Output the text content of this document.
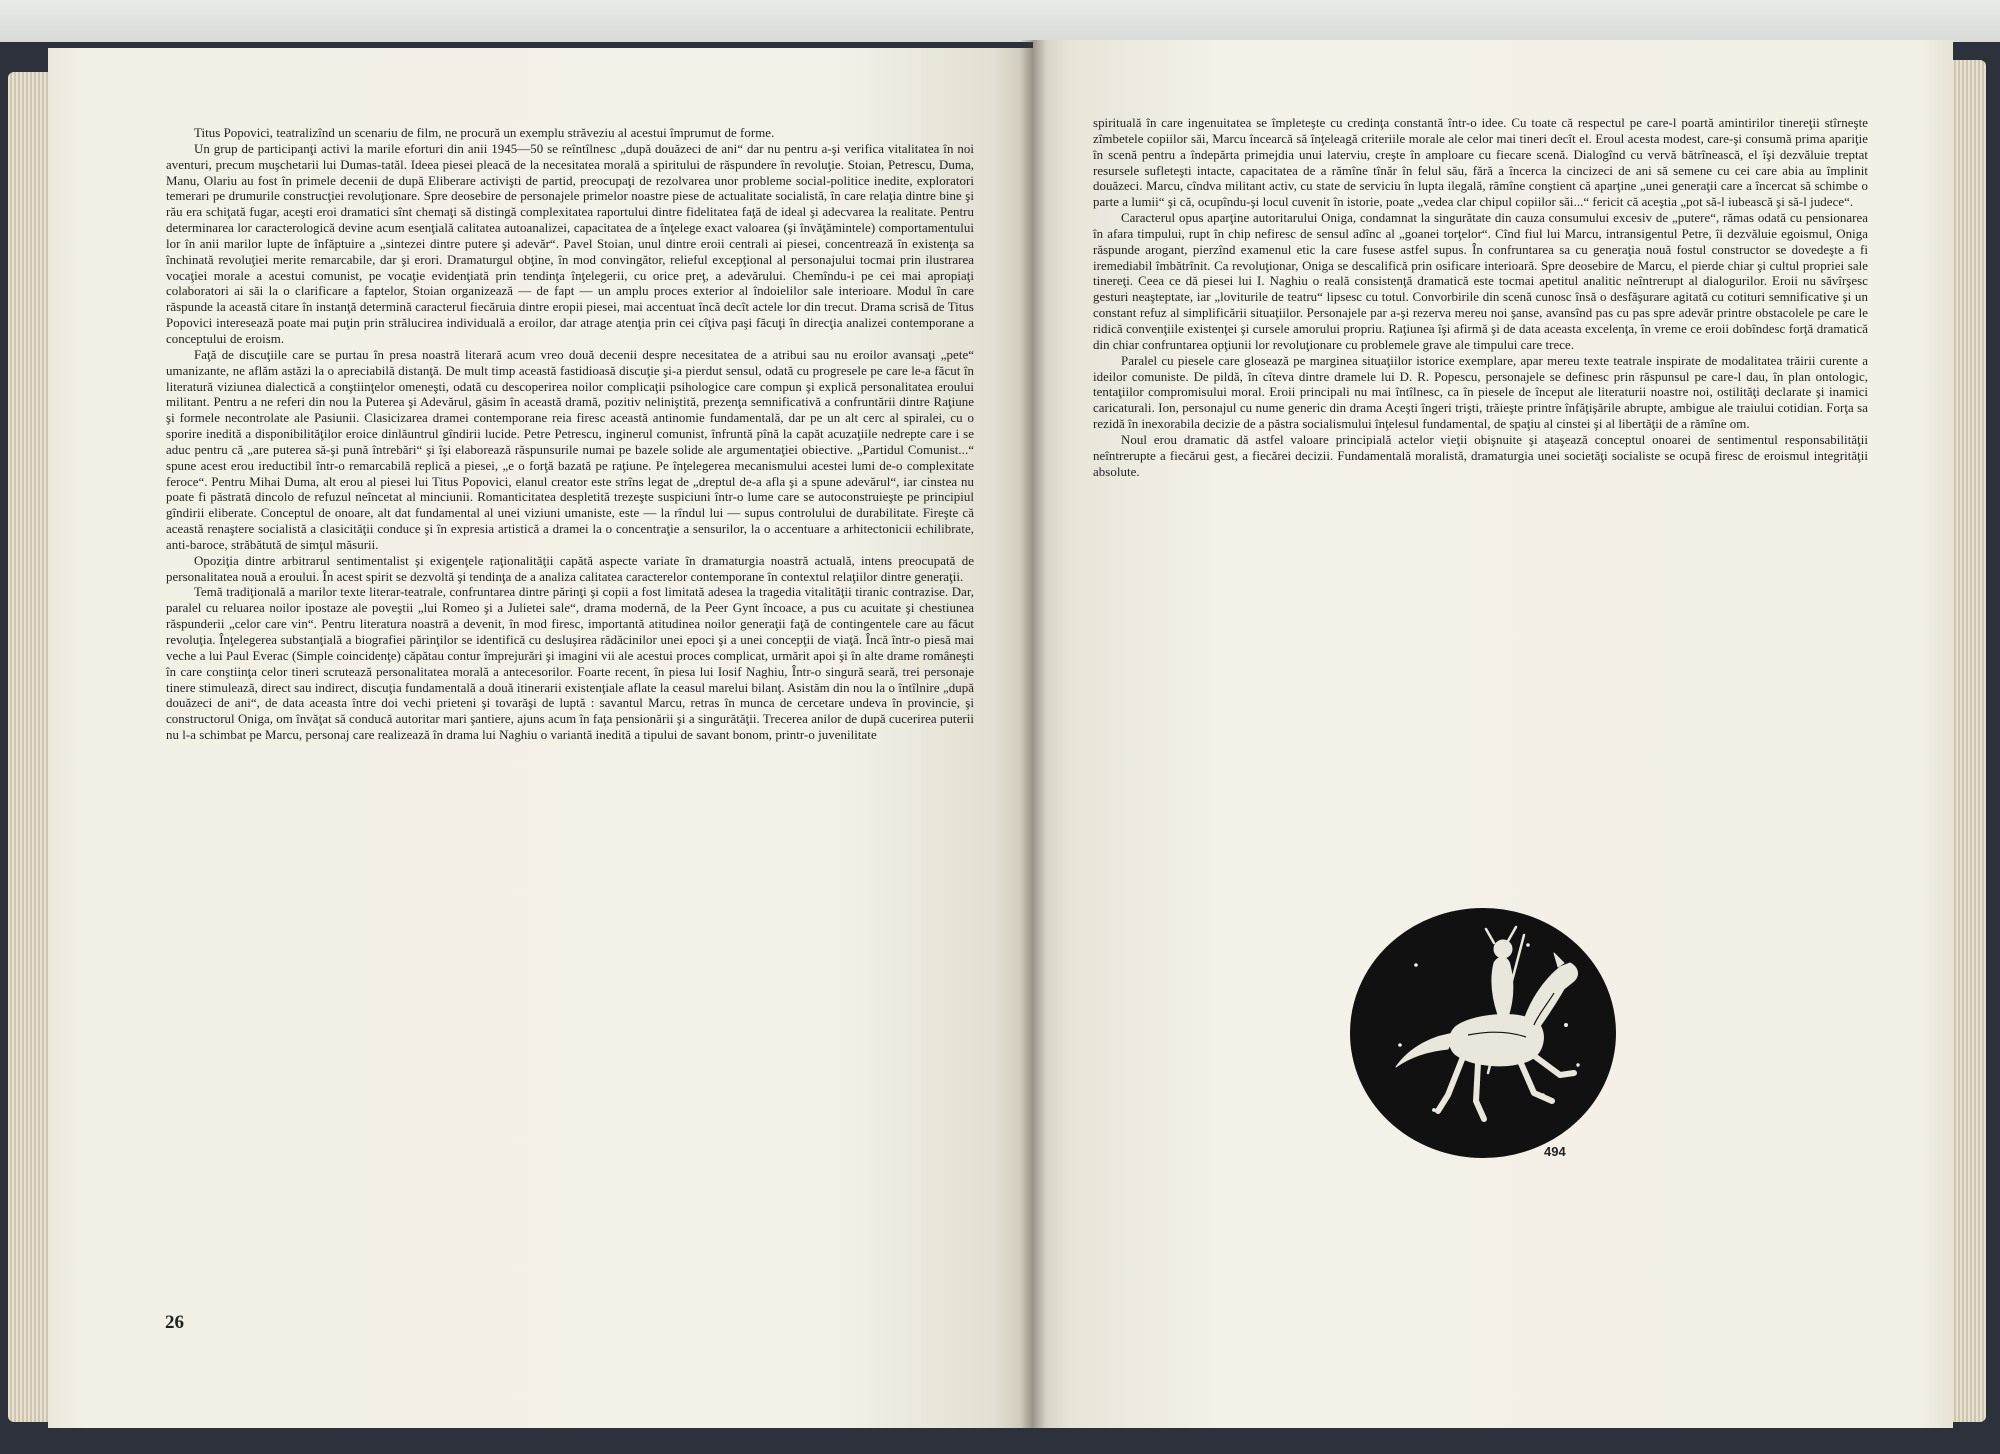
Titus Popovici, teatralizînd un scenariu de film, ne procură un exemplu străveziu al acestui împrumut de forme.

Un grup de participanţi activi la marile eforturi din anii 1945—50 se reîntîlnesc „după douăzeci de ani“ dar nu pentru a-şi verifica vitalitatea în noi aventuri, precum muşchetarii lui Dumas-tatăl. Ideea piesei pleacă de la necesitatea morală a spiritului de răspundere în revoluţie. Stoian, Petrescu, Duma, Manu, Olariu au fost în primele decenii de după Eliberare activişti de partid, preocupaţi de rezolvarea unor probleme social-politice inedite, exploratori temerari pe drumurile construcţiei revoluţionare. Spre deosebire de personajele primelor noastre piese de actualitate socialistă, în care relaţia dintre bine şi rău era schiţată fugar, aceşti eroi dramatici sînt chemaţi să distingă complexitatea raportului dintre fidelitatea faţă de ideal şi adecvarea la realitate. Pentru determinarea lor caracterologică devine acum esenţială calitatea autoanalizei, capacitatea de a înţelege exact valoarea (şi învăţămintele) comportamentului lor în anii marilor lupte de înfăptuire a „sintezei dintre putere şi adevăr“. Pavel Stoian, unul dintre eroii centrali ai piesei, concentrează în existenţa sa închinată revoluţiei merite remarcabile, dar şi erori. Dramaturgul obţine, în mod convingător, relieful excepţional al personajului tocmai prin ilustrarea vocaţiei morale a acestui comunist, pe vocaţie evidenţiată prin tendinţa înţelegerii, cu orice preţ, a adevărului. Chemîndu-i pe cei mai apropiaţi colaboratori ai săi la o clarificare a faptelor, Stoian organizează — de fapt — un amplu proces exterior al îndoielilor sale interioare. Modul în care răspunde la această citare în instanţă determină caracterul fiecăruia dintre eropii piesei, mai accentuat încă decît actele lor din trecut. Drama scrisă de Titus Popovici interesează poate mai puţin prin strălucirea individuală a eroilor, dar atrage atenţia prin cei cîţiva paşi făcuţi în direcţia analizei contemporane a conceptului de eroism.

Faţă de discuţiile care se purtau în presa noastră literară acum vreo două decenii despre necesitatea de a atribui sau nu eroilor avansaţi „pete“ umanizante, ne aflăm astăzi la o apreciabilă distanţă. De mult timp această fastidioasă discuţie şi-a pierdut sensul, odată cu progresele pe care le-a făcut în literatură viziunea dialectică a conştiinţelor omeneşti, odată cu descoperirea noilor complicaţii psihologice care compun şi explică personalitatea eroului militant. Pentru a ne referi din nou la Puterea şi Adevărul, găsim în această dramă, pozitiv neliniştită, prezenţa semnificativă a confruntării dintre Raţiune şi formele necontrolate ale Pasiunii. Clasicizarea dramei contemporane reia firesc această antinomie fundamentală, dar pe un alt cerc al spiralei, cu o sporire inedită a disponibilităţilor eroice dinlăuntrul gîndirii lucide. Petre Petrescu, inginerul comunist, înfruntă pînă la capăt acuzaţiile nedrepte care i se aduc pentru că „are puterea să-şi pună întrebări“ şi îşi elaborează răspunsurile numai pe bazele solide ale argumentaţiei obiective. „Partidul Comunist...“ spune acest erou ireductibil într-o remarcabilă replică a piesei, „e o forţă bazată pe raţiune. Pe înţelegerea mecanismului acestei lumi de-o complexitate feroce“. Pentru Mihai Duma, alt erou al piesei lui Titus Popovici, elanul creator este strîns legat de „dreptul de-a afla şi a spune adevărul“, iar cinstea nu poate fi păstrată dincolo de refuzul neîncetat al minciunii. Romanticitatea despletită trezeşte suspiciuni într-o lume care se autoconstruieşte pe principiul gîndirii eliberate. Conceptul de onoare, alt dat fundamental al unei viziuni umaniste, este — la rîndul lui — supus controlului de durabilitate. Fireşte că această renaştere socialistă a clasicităţii conduce şi în expresia artistică a dramei la o concentraţie a sensurilor, la o accentuare a arhitectonicii echilibrate, anti-baroce, străbătută de simţul măsurii.

Opoziţia dintre arbitrarul sentimentalist şi exigenţele raţionalităţii capătă aspecte variate în dramaturgia noastră actuală, intens preocupată de personalitatea nouă a eroului. În acest spirit se dezvoltă şi tendinţa de a analiza calitatea caracterelor contemporane în contextul relaţiilor dintre generaţii.

Temă tradiţională a marilor texte literar-teatrale, confruntarea dintre părinţi şi copii a fost limitată adesea la tragedia vitalităţii tiranic contrazise. Dar, paralel cu reluarea noilor ipostaze ale poveştii „lui Romeo şi a Julietei sale“, drama modernă, de la Peer Gynt încoace, a pus cu acuitate şi chestiunea răspunderii „celor care vin“. Pentru literatura noastră a devenit, în mod firesc, importantă atitudinea noilor generaţii faţă de contingentele care au făcut revoluţia. Înţelegerea substanţială a biografiei părinţilor se identifică cu desluşirea rădăcinilor unei epoci şi a unei concepţii de viaţă. Încă într-o piesă mai veche a lui Paul Everac (Simple coincidenţe) căpătau contur împrejurări şi imagini vii ale acestui proces complicat, urmărit apoi şi în alte drame româneşti în care conştiinţa celor tineri scrutează personalitatea morală a antecesorilor. Foarte recent, în piesa lui Iosif Naghiu, Într-o singură seară, trei personaje tinere stimulează, direct sau indirect, discuţia fundamentală a două itinerarii existenţiale aflate la ceasul marelui bilanţ. Asistăm din nou la o întîlnire „după douăzeci de ani“, de data aceasta între doi vechi prieteni şi tovarăşi de luptă : savantul Marcu, retras în munca de cercetare undeva în provincie, şi constructorul Oniga, om învăţat să conducă autoritar mari şantiere, ajuns acum în faţa pensionării şi a singurătăţii. Trecerea anilor de după cucerirea puterii nu l-a schimbat pe Marcu, personaj care realizează în drama lui Naghiu o variantă inedită a tipului de savant bonom, printr-o juvenilitate

26

spirituală în care ingenuitatea se împleteşte cu credinţa constantă într-o idee. Cu toate că respectul pe care-l poartă amintirilor tinereţii stîrneşte zîmbetele copiilor săi, Marcu încearcă să înţeleagă criteriile morale ale celor mai tineri decît el. Eroul acesta modest, care-şi consumă prima apariţie în scenă pentru a îndepărta primejdia unui laterviu, creşte în amploare cu fiecare scenă. Dialogînd cu vervă bătrînească, el îşi dezvăluie treptat resursele sufleteşti intacte, capacitatea de a rămîne tînăr în felul său, fără a încerca la cincizeci de ani să semene cu cei care abia au împlinit douăzeci. Marcu, cîndva militant activ, cu state de serviciu în lupta ilegală, rămîne conştient că aparţine „unei generaţii care a încercat să schimbe o parte a lumii“ şi că, ocupîndu-şi locul cuvenit în istorie, poate „vedea clar chipul copiilor săi...“ fericit că aceştia „pot să-l iubească şi să-l judece“.

Caracterul opus aparţine autoritarului Oniga, condamnat la singurătate din cauza consumului excesiv de „putere“, rămas odată cu pensionarea în afara timpului, rupt în chip nefiresc de sensul adînc al „goanei torţelor“. Cînd fiul lui Marcu, intransigentul Petre, îi dezvăluie egoismul, Oniga răspunde arogant, pierzînd examenul etic la care fusese astfel supus. În confruntarea sa cu generaţia nouă fostul constructor se dovedeşte a fi iremediabil îmbătrînit. Ca revoluţionar, Oniga se descalifică prin osificare interioară. Spre deosebire de Marcu, el pierde chiar şi cultul propriei sale tinereţi. Ceea ce dă piesei lui I. Naghiu o reală consistenţă dramatică este tocmai apetitul analitic neîntrerupt al dialogurilor. Eroii nu săvîrşesc gesturi neaşteptate, iar „loviturile de teatru“ lipsesc cu totul. Convorbirile din scenă cunosc însă o desfăşurare agitată cu cotituri semnificative şi un constant refuz al simplificării situaţiilor. Personajele par a-şi rezerva mereu noi şanse, avansînd pas cu pas spre adevăr printre obstacolele pe care le ridică convenţiile existenţei şi cursele amorului propriu. Raţiunea îşi afirmă şi de data aceasta excelenţa, în vreme ce eroii dobîndesc forţă dramatică din chiar confruntarea opţiunii lor revoluţionare cu problemele grave ale timpului care trece.

Paralel cu piesele care glosează pe marginea situaţiilor istorice exemplare, apar mereu texte teatrale inspirate de modalitatea trăirii curente a ideilor comuniste. De pildă, în cîteva dintre dramele lui D. R. Popescu, personajele se definesc prin răspunsul pe care-l dau, în plan ontologic, tentaţiilor compromisului moral. Eroii principali nu mai întîlnesc, ca în piesele de început ale literaturii noastre noi, ostilităţi declarate şi inamici caricaturali. Ion, personajul cu nume generic din drama Aceşti îngeri trişti, trăieşte printre înfăţişările abrupte, ambigue ale traiului cotidian. Forţa sa rezidă în inexorabila decizie de a păstra socialismului înţelesul fundamental, de spaţiu al cinstei şi al libertăţii de a rămîne om.

Noul erou dramatic dă astfel valoare principială actelor vieţii obişnuite şi ataşează conceptul onoarei de sentimentul responsabilităţii neîntrerupte a fiecărui gest, a fiecărei decizii. Fundamentală moralistă, dramaturgia unei societăţi socialiste se ocupă firesc de eroismul integrităţii absolute.

494
